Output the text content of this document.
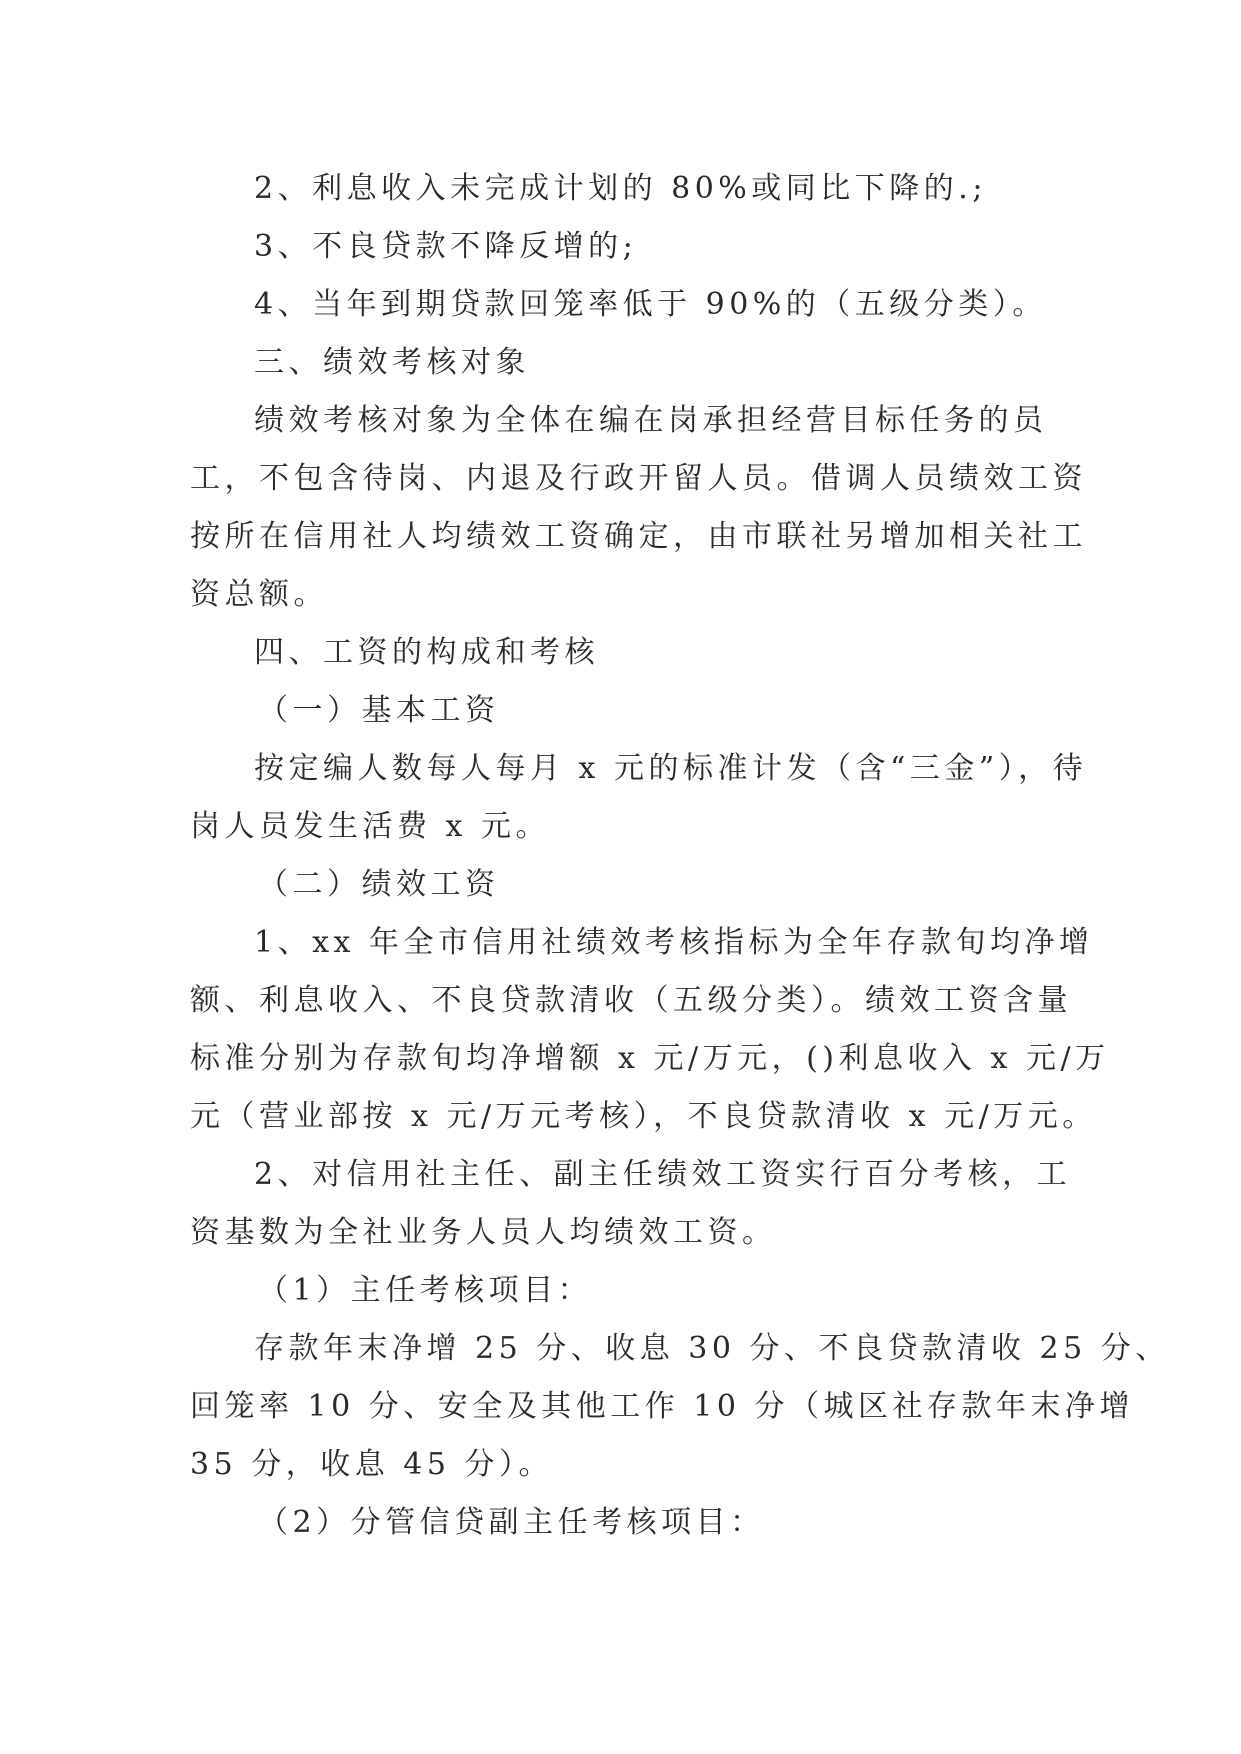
2、利息收入未完成计划的 80%或同比下降的.;
3、不良贷款不降反增的;
4、当年到期贷款回笼率低于 90%的（五级分类）。
三、绩效考核对象
绩效考核对象为全体在编在岗承担经营目标任务的员
工，不包含待岗、内退及行政开留人员。借调人员绩效工资
按所在信用社人均绩效工资确定，由市联社另增加相关社工
资总额。
四、工资的构成和考核
（一）基本工资
按定编人数每人每月 x 元的标准计发（含“三金”），待
岗人员发生活费 x 元。
（二）绩效工资
1、xx 年全市信用社绩效考核指标为全年存款旬均净增
额、利息收入、不良贷款清收（五级分类）。绩效工资含量
标准分别为存款旬均净增额 x 元/万元，()利息收入 x 元/万
元（营业部按 x 元/万元考核），不良贷款清收 x 元/万元。
2、对信用社主任、副主任绩效工资实行百分考核，工
资基数为全社业务人员人均绩效工资。
（1）主任考核项目：
存款年末净增 25 分、收息 30 分、不良贷款清收 25 分、
回笼率 10 分、安全及其他工作 10 分（城区社存款年末净增
35 分，收息 45 分）。
（2）分管信贷副主任考核项目：
